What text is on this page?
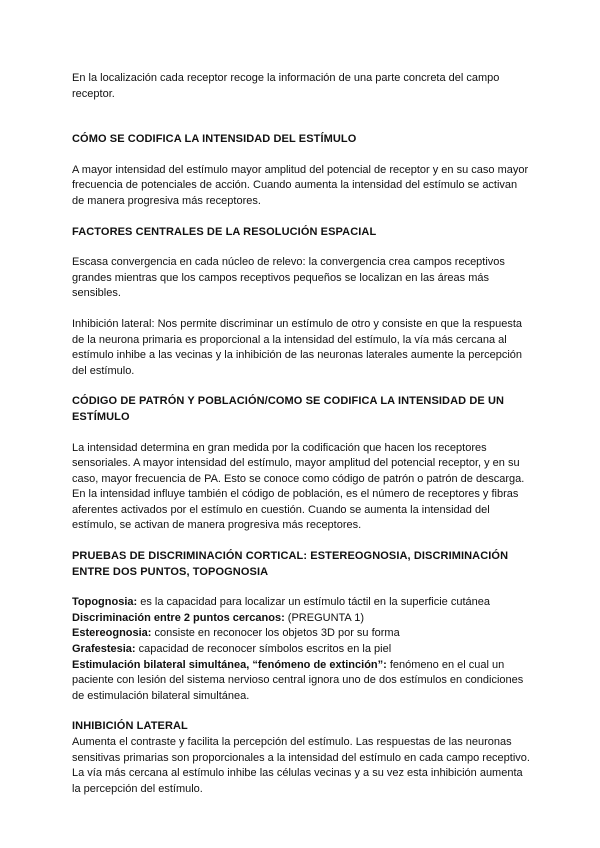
En la localización cada receptor recoge la información de una parte concreta del campo receptor.

CÓMO SE CODIFICA LA INTENSIDAD DEL ESTÍMULO

A mayor intensidad del estímulo mayor amplitud del potencial de receptor y en su caso mayor frecuencia de potenciales de acción. Cuando aumenta la intensidad del estímulo se activan de manera progresiva más receptores.

FACTORES CENTRALES DE LA RESOLUCIÓN ESPACIAL

Escasa convergencia en cada núcleo de relevo: la convergencia crea campos receptivos grandes mientras que los campos receptivos pequeños se localizan en las áreas más sensibles.

Inhibición lateral: Nos permite discriminar un estímulo de otro y consiste en que la respuesta de la neurona primaria es proporcional a la intensidad del estímulo, la vía más cercana al estímulo inhibe a las vecinas y la inhibición de las neuronas laterales aumente la percepción del estímulo.

CÓDIGO DE PATRÓN Y POBLACIÓN/COMO SE CODIFICA LA INTENSIDAD DE UN ESTÍMULO

La intensidad determina en gran medida por la codificación que hacen los receptores sensoriales. A mayor intensidad del estímulo, mayor amplitud del potencial receptor, y en su caso, mayor frecuencia de PA. Esto se conoce como código de patrón o patrón de descarga.

En la intensidad influye también el código de población, es el número de receptores y fibras aferentes activados por el estímulo en cuestión. Cuando se aumenta la intensidad del estímulo, se activan de manera progresiva más receptores.

PRUEBAS DE DISCRIMINACIÓN CORTICAL: ESTEREOGNOSIA, DISCRIMINACIÓN ENTRE DOS PUNTOS, TOPOGNOSIA

Topognosia: es la capacidad para localizar un estímulo táctil en la superficie cutánea

Discriminación entre 2 puntos cercanos: (PREGUNTA 1)

Estereognosia: consiste en reconocer los objetos 3D por su forma

Grafestesia: capacidad de reconocer símbolos escritos en la piel

Estimulación bilateral simultánea, “fenómeno de extinción”: fenómeno en el cual un paciente con lesión del sistema nervioso central ignora uno de dos estímulos en condiciones de estimulación bilateral simultánea.

INHIBICIÓN LATERAL

Aumenta el contraste y facilita la percepción del estímulo. Las respuestas de las neuronas sensitivas primarias son proporcionales a la intensidad del estímulo en cada campo receptivo. La vía más cercana al estímulo inhibe las células vecinas y a su vez esta inhibición aumenta la percepción del estímulo.
